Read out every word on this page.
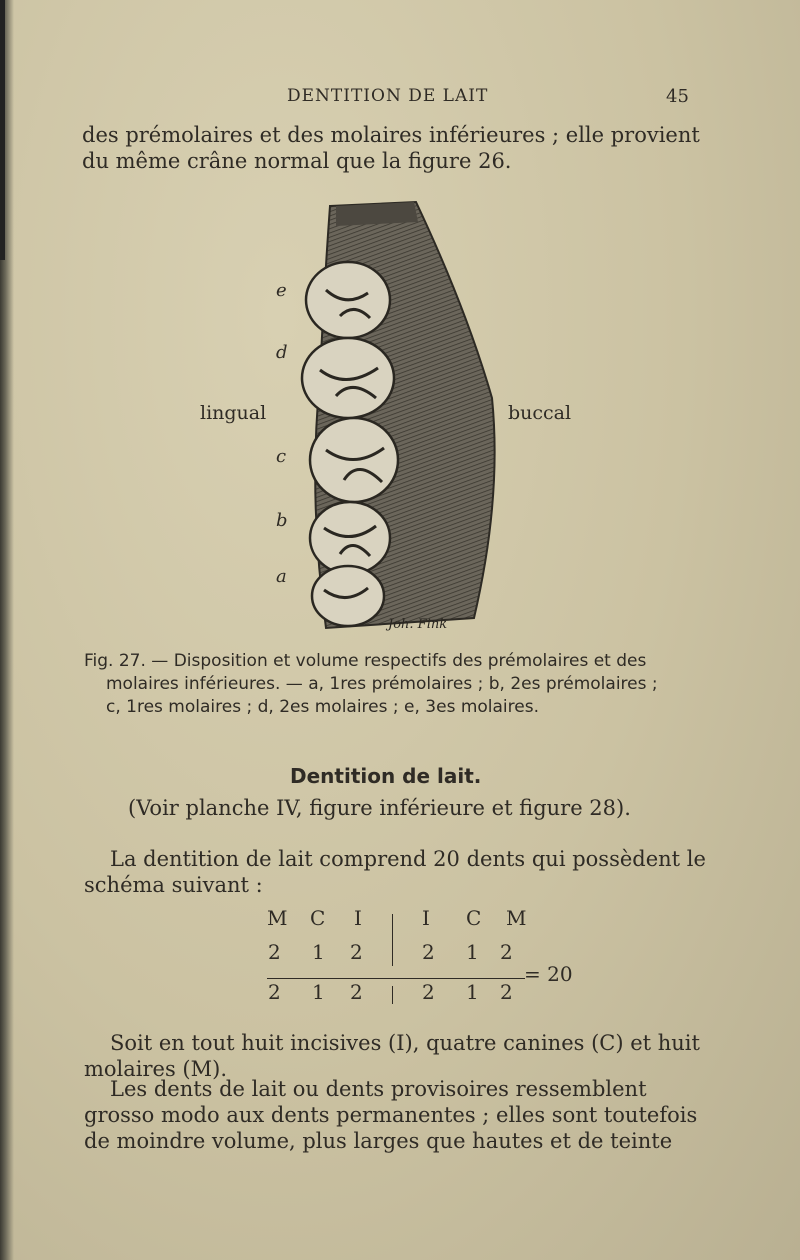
DENTITION DE LAIT	45
des prémolaires et des molaires inférieures ; elle provient
du même crâne normal que la figure 26.
Joh. Fink
e
d
c
b
a
lingual	buccal
Fig. 27. — Disposition et volume respectifs des prémolaires et des
molaires inférieures. — a, 1res prémolaires ; b, 2es prémolaires ;
c, 1res molaires ; d, 2es molaires ; e, 3es molaires.
Dentition de lait.
(Voir planche IV, figure inférieure et figure 28).
La dentition de lait comprend 20 dents qui possèdent le
schéma suivant :
M C I	I C M
2 1 2	2 1 2
2 1 2	2 1 2
= 20
Soit en tout huit incisives (I), quatre canines (C) et huit
molaires (M).
Les dents de lait ou dents provisoires ressemblent
grosso modo aux dents permanentes ; elles sont toutefois
de moindre volume, plus larges que hautes et de teinte
